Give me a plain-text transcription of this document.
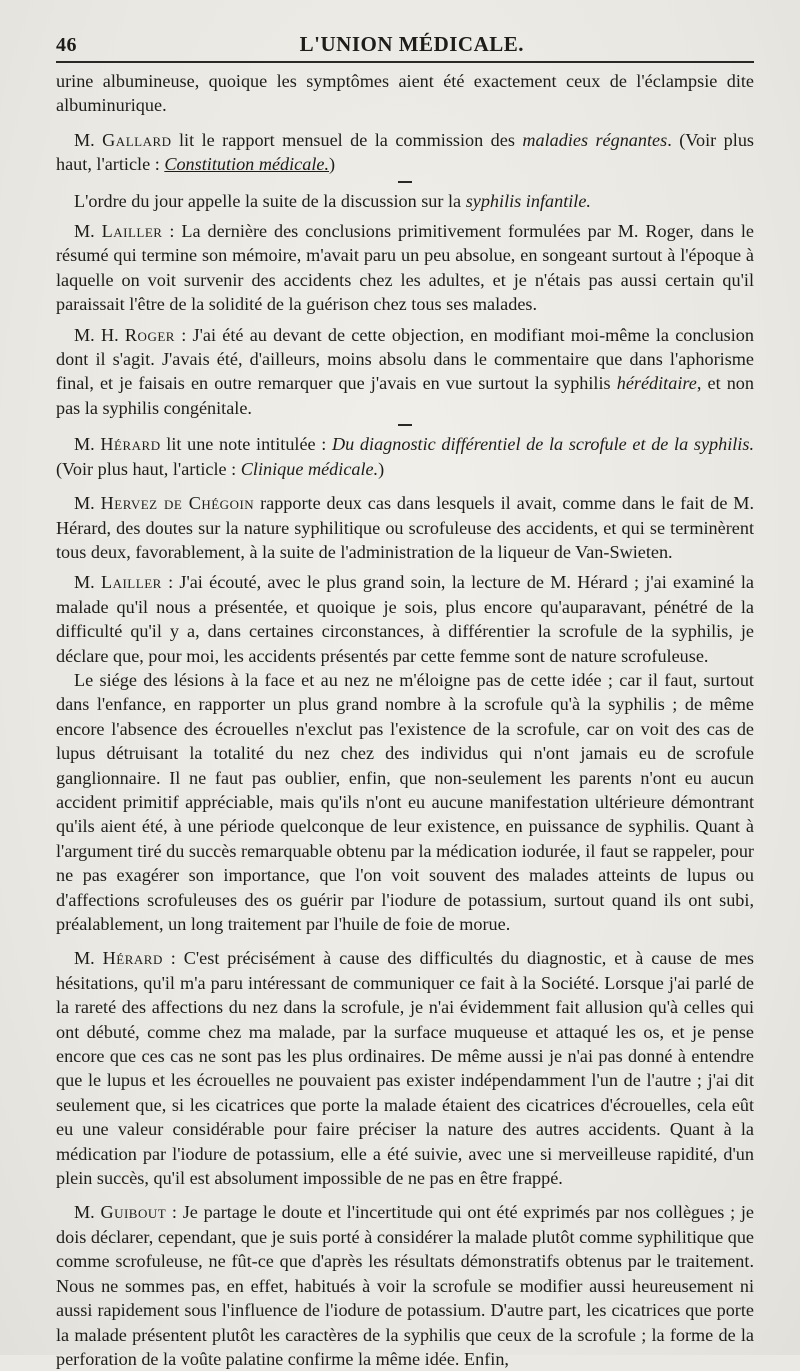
46	L'UNION MÉDICALE.

urine albumineuse, quoique les symptômes aient été exactement ceux de l'éclampsie dite albuminurique.

M. Gallard lit le rapport mensuel de la commission des maladies régnantes. (Voir plus haut, l'article : Constitution médicale.)

L'ordre du jour appelle la suite de la discussion sur la syphilis infantile.

M. Lailler : La dernière des conclusions primitivement formulées par M. Roger, dans le résumé qui termine son mémoire, m'avait paru un peu absolue, en songeant surtout à l'époque à laquelle on voit survenir des accidents chez les adultes, et je n'étais pas aussi certain qu'il paraissait l'être de la solidité de la guérison chez tous ses malades.

M. H. Roger : J'ai été au devant de cette objection, en modifiant moi-même la conclusion dont il s'agit. J'avais été, d'ailleurs, moins absolu dans le commentaire que dans l'aphorisme final, et je faisais en outre remarquer que j'avais en vue surtout la syphilis héréditaire, et non pas la syphilis congénitale.

M. Hérard lit une note intitulée : Du diagnostic différentiel de la scrofule et de la syphilis. (Voir plus haut, l'article : Clinique médicale.)

M. Hervez de Chégoin rapporte deux cas dans lesquels il avait, comme dans le fait de M. Hérard, des doutes sur la nature syphilitique ou scrofuleuse des accidents, et qui se terminèrent tous deux, favorablement, à la suite de l'administration de la liqueur de Van-Swieten.

M. Lailler : J'ai écouté, avec le plus grand soin, la lecture de M. Hérard ; j'ai examiné la malade qu'il nous a présentée, et quoique je sois, plus encore qu'auparavant, pénétré de la difficulté qu'il y a, dans certaines circonstances, à différentier la scrofule de la syphilis, je déclare que, pour moi, les accidents présentés par cette femme sont de nature scrofuleuse.

Le siége des lésions à la face et au nez ne m'éloigne pas de cette idée ; car il faut, surtout dans l'enfance, en rapporter un plus grand nombre à la scrofule qu'à la syphilis ; de même encore l'absence des écrouelles n'exclut pas l'existence de la scrofule, car on voit des cas de lupus détruisant la totalité du nez chez des individus qui n'ont jamais eu de scrofule ganglionnaire. Il ne faut pas oublier, enfin, que non-seulement les parents n'ont eu aucun accident primitif appréciable, mais qu'ils n'ont eu aucune manifestation ultérieure démontrant qu'ils aient été, à une période quelconque de leur existence, en puissance de syphilis. Quant à l'argument tiré du succès remarquable obtenu par la médication iodurée, il faut se rappeler, pour ne pas exagérer son importance, que l'on voit souvent des malades atteints de lupus ou d'affections scrofuleuses des os guérir par l'iodure de potassium, surtout quand ils ont subi, préalablement, un long traitement par l'huile de foie de morue.

M. Hérard : C'est précisément à cause des difficultés du diagnostic, et à cause de mes hésitations, qu'il m'a paru intéressant de communiquer ce fait à la Société. Lorsque j'ai parlé de la rareté des affections du nez dans la scrofule, je n'ai évidemment fait allusion qu'à celles qui ont débuté, comme chez ma malade, par la surface muqueuse et attaqué les os, et je pense encore que ces cas ne sont pas les plus ordinaires. De même aussi je n'ai pas donné à entendre que le lupus et les écrouelles ne pouvaient pas exister indépendamment l'un de l'autre ; j'ai dit seulement que, si les cicatrices que porte la malade étaient des cicatrices d'écrouelles, cela eût eu une valeur considérable pour faire préciser la nature des autres accidents. Quant à la médication par l'iodure de potassium, elle a été suivie, avec une si merveilleuse rapidité, d'un plein succès, qu'il est absolument impossible de ne pas en être frappé.

M. Guibout : Je partage le doute et l'incertitude qui ont été exprimés par nos collègues ; je dois déclarer, cependant, que je suis porté à considérer la malade plutôt comme syphilitique que comme scrofuleuse, ne fût-ce que d'après les résultats démonstratifs obtenus par le traitement. Nous ne sommes pas, en effet, habitués à voir la scrofule se modifier aussi heureusement ni aussi rapidement sous l'influence de l'iodure de potassium. D'autre part, les cicatrices que porte la malade présentent plutôt les caractères de la syphilis que ceux de la scrofule ; la forme de la perforation de la voûte palatine confirme la même idée. Enfin,
